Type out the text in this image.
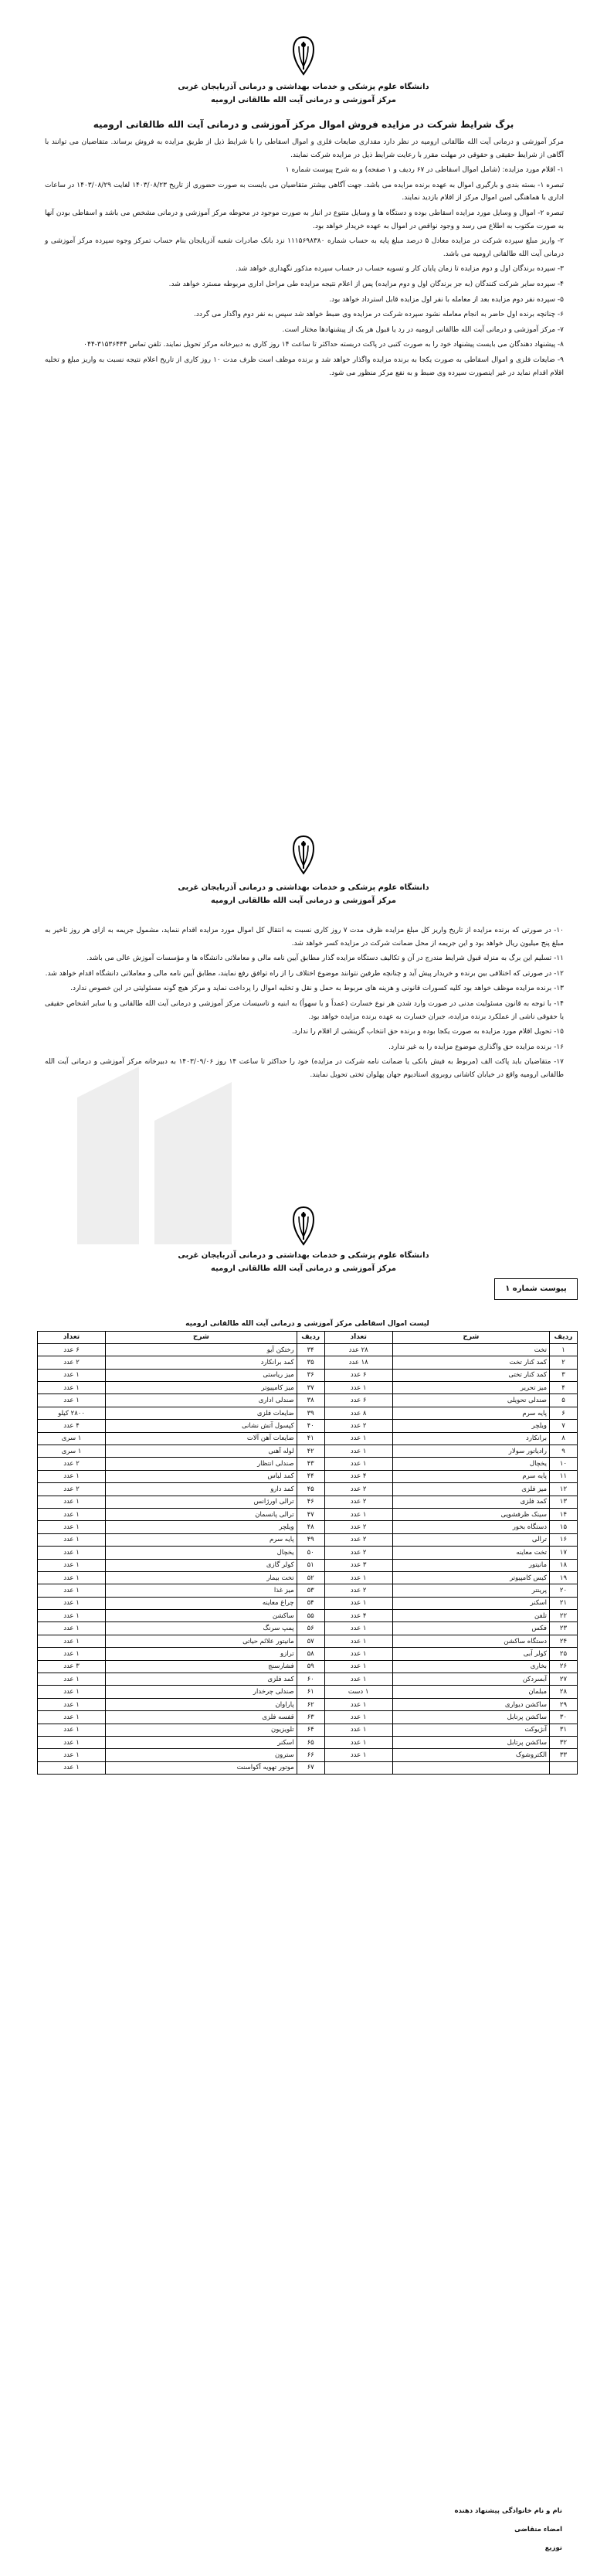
دانشگاه علوم پزشکی و خدمات بهداشتی و درمانی آذربایجان غربی
مرکز آموزشی و درمانی آیت الله طالقانی ارومیه
برگ شرایط شرکت در مزایده فروش اموال مرکز آموزشی و درمانی آیت الله طالقانی ارومیه

مرکز آموزشی و درمانی آیت الله طالقانی ارومیه در نظر دارد مقداری ضایعات فلزی و اموال اسقاطی را با شرایط ذیل از طریق مزایده به فروش برساند. متقاضیان می توانند با آگاهی از شرایط حقیقی و حقوقی در مهلت مقرر با رعایت شرایط ذیل در مزایده شرکت نمایند.

۱- اقلام مورد مزایده: (شامل اموال اسقاطی در ۶۷ ردیف و ۱ صفحه) و به شرح پیوست شماره ۱

تبصره ۱- بسته بندی و بارگیری اموال به عهده برنده مزایده می باشد. جهت آگاهی بیشتر متقاضیان می بایست به صورت حضوری از تاریخ ۱۴۰۳/۰۸/۲۳ لغایت ۱۴۰۳/۰۸/۲۹ در ساعات اداری با هماهنگی امین اموال مرکز از اقلام بازدید نمایند.

تبصره ۲- اموال و وسایل مورد مزایده اسقاطی بوده و دستگاه ها و وسایل متنوع در انبار به صورت موجود در محوطه مرکز آموزشی و درمانی مشخص می باشد و اسقاطی بودن آنها به صورت مکتوب به اطلاع می رسد و وجود نواقص در اموال به عهده خریدار خواهد بود.

۲- واریز مبلغ سپرده شرکت در مزایده معادل ۵ درصد مبلغ پایه به حساب شماره ۱۱۱۵۶۹۸۳۸۰ نزد بانک صادرات شعبه آذربایجان بنام حساب تمرکز وجوه سپرده مرکز آموزشی و درمانی آیت الله طالقانی ارومیه می باشد.

۳- سپرده برندگان اول و دوم مزایده تا زمان پایان کار و تسویه حساب در حساب سپرده مذکور نگهداری خواهد شد.

۴- سپرده سایر شرکت کنندگان (به جز برندگان اول و دوم مزایده) پس از اعلام نتیجه مزایده طی مراحل اداری مربوطه مسترد خواهد شد.

۵- سپرده نفر دوم مزایده بعد از معامله با نفر اول مزایده قابل استرداد خواهد بود.

۶- چنانچه برنده اول حاضر به انجام معامله نشود سپرده شرکت در مزایده وی ضبط خواهد شد سپس به نفر دوم واگذار می گردد.

۷- مرکز آموزشی و درمانی آیت الله طالقانی ارومیه در رد یا قبول هر یک از پیشنهادها مختار است.

۸- پیشنهاد دهندگان می بایست پیشنهاد خود را به صورت کتبی در پاکت دربسته حداکثر تا ساعت ۱۴ روز کاری به دبیرخانه مرکز تحویل نمایند. تلفن تماس ۳۱۵۳۶۴۴۴-۰۴۴

۹- ضایعات فلزی و اموال اسقاطی به صورت یکجا به برنده مزایده واگذار خواهد شد و برنده موظف است ظرف مدت ۱۰ روز کاری از تاریخ اعلام نتیجه نسبت به واریز مبلغ و تخلیه اقلام اقدام نماید در غیر اینصورت سپرده وی ضبط و به نفع مرکز منظور می شود.

دانشگاه علوم پزشکی و خدمات بهداشتی و درمانی آذربایجان غربی
مرکز آموزشی و درمانی آیت الله طالقانی ارومیه

۱۰- در صورتی که برنده مزایده از تاریخ واریز کل مبلغ مزایده ظرف مدت ۷ روز کاری نسبت به انتقال کل اموال مورد مزایده اقدام ننماید، مشمول جریمه به ازای هر روز تاخیر به مبلغ پنج میلیون ریال خواهد بود و این جریمه از محل ضمانت شرکت در مزایده کسر خواهد شد.

۱۱- تسلیم این برگ به منزله قبول شرایط مندرج در آن و تکالیف دستگاه مزایده گذار مطابق آیین نامه مالی و معاملاتی دانشگاه ها و مؤسسات آموزش عالی می باشد.

۱۲- در صورتی که اختلافی بین برنده و خریدار پیش آید و چنانچه طرفین نتوانند موضوع اختلاف را از راه توافق رفع نمایند، مطابق آیین نامه مالی و معاملاتی دانشگاه اقدام خواهد شد.

۱۳- برنده مزایده موظف خواهد بود کلیه کسورات قانونی و هزینه های مربوط به حمل و نقل و تخلیه اموال را پرداخت نماید و مرکز هیچ گونه مسئولیتی در این خصوص ندارد.

۱۴- با توجه به قانون مسئولیت مدنی در صورت وارد شدن هر نوع خسارت (عمداً و یا سهواً) به ابنیه و تاسیسات مرکز آموزشی و درمانی آیت الله طالقانی و یا سایر اشخاص حقیقی یا حقوقی ناشی از عملکرد برنده مزایده، جبران خسارت به عهده برنده مزایده خواهد بود.

۱۵- تحویل اقلام مورد مزایده به صورت یکجا بوده و برنده حق انتخاب گزینشی از اقلام را ندارد.

۱۶- برنده مزایده حق واگذاری موضوع مزایده را به غیر ندارد.

۱۷- متقاضیان باید پاکت الف (مربوط به فیش بانکی یا ضمانت نامه شرکت در مزایده) خود را حداکثر تا ساعت ۱۴ روز ۱۴۰۳/۰۹/۰۶ به دبیرخانه مرکز آموزشی و درمانی آیت الله طالقانی ارومیه واقع در خیابان کاشانی روبروی استادیوم جهان پهلوان تختی تحویل نمایند.

دانشگاه علوم پزشکی و خدمات بهداشتی و درمانی آذربایجان غربی
مرکز آموزشی و درمانی آیت الله طالقانی ارومیه
پیوست شماره ۱
لیست اموال اسقاطی مرکز آموزشی و درمانی آیت الله طالقانی ارومیه					
ردیف	شرح	تعداد	ردیف	شرح	تعداد
۱	تخت	۲۸ عدد	۳۴	رختکن آیو	۶ عدد
۲	کمد کنار تخت	۱۸ عدد	۳۵	کمد برانکارد	۲ عدد
۳	کمد کنار تختی	۶ عدد	۳۶	میز ریاستی	۱ عدد
۴	میز تحریر	۱ عدد	۳۷	میز کامپیوتر	۱ عدد
۵	صندلی تحویلی	۶ عدد	۳۸	صندلی اداری	۱ عدد
۶	پایه سرم	۸ عدد	۳۹	ضایعات فلزی	۲۸۰۰ کیلو
۷	ویلچر	۲ عدد	۴۰	کپسول آتش نشانی	۴ عدد
۸	برانکارد	۱ عدد	۴۱	ضایعات آهن آلات	۱ سری
۹	رادیاتور سولار	۱ عدد	۴۲	لوله آهنی	۱ سری
۱۰	یخچال	۱ عدد	۴۳	صندلی انتظار	۲ عدد
۱۱	پایه سرم	۴ عدد	۴۴	کمد لباس	۱ عدد
۱۲	میز فلزی	۲ عدد	۴۵	کمد دارو	۲ عدد
۱۳	کمد فلزی	۲ عدد	۴۶	ترالی اورژانس	۱ عدد
۱۴	سینک ظرفشویی	۱ عدد	۴۷	ترالی پانسمان	۱ عدد
۱۵	دستگاه بخور	۲ عدد	۴۸	ویلچر	۱ عدد
۱۶	ترالی	۲ عدد	۴۹	پایه سرم	۱ عدد
۱۷	تخت معاینه	۲ عدد	۵۰	یخچال	۱ عدد
۱۸	مانیتور	۳ عدد	۵۱	کولر گازی	۱ عدد
۱۹	کیس کامپیوتر	۱ عدد	۵۲	تخت بیمار	۱ عدد
۲۰	پرینتر	۲ عدد	۵۳	میز غذا	۱ عدد
۲۱	اسکنر	۱ عدد	۵۴	چراغ معاینه	۱ عدد
۲۲	تلفن	۴ عدد	۵۵	ساکشن	۱ عدد
۲۳	فکس	۱ عدد	۵۶	پمپ سرنگ	۱ عدد
۲۴	دستگاه ساکشن	۱ عدد	۵۷	مانیتور علائم حیاتی	۱ عدد
۲۵	کولر آبی	۱ عدد	۵۸	ترازو	۱ عدد
۲۶	بخاری	۱ عدد	۵۹	فشارسنج	۳ عدد
۲۷	آبسردکن	۱ عدد	۶۰	کمد فلزی	۱ عدد
۲۸	مبلمان	۱ دست	۶۱	صندلی چرخدار	۱ عدد
۲۹	ساکشن دیواری	۱ عدد	۶۲	پاراوان	۱ عدد
۳۰	ساکشن پرتابل	۱ عدد	۶۳	قفسه فلزی	۱ عدد
۳۱	آنژیوکت	۱ عدد	۶۴	تلویزیون	۱ عدد
۳۲	ساکشن پرتابل	۱ عدد	۶۵	اسکنر	۱ عدد
۳۳	الکتروشوک	۱ عدد	۶۶	سترون	۱ عدد
			۶۷	موتور تهویه آکواسنت	۱ عدد
نام و نام خانوادگی پیشنهاد دهنده
امضاء متقاضی
توزیع
